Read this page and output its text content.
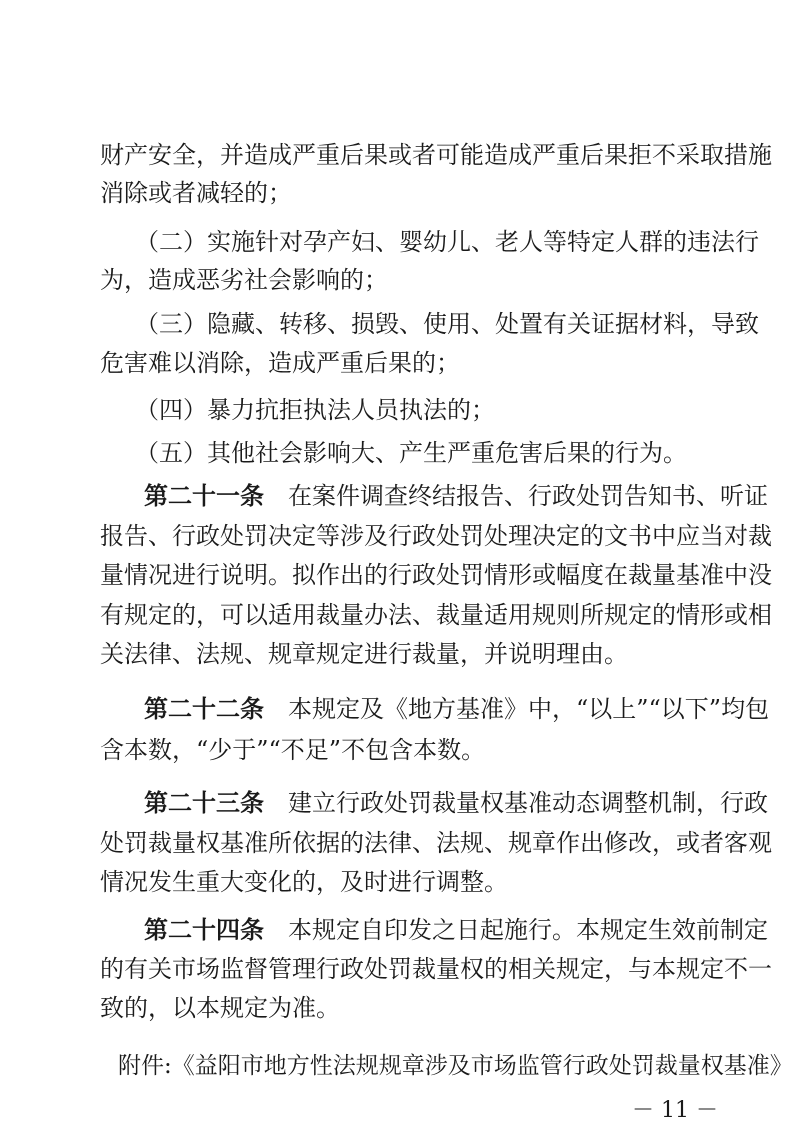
财产安全，并造成严重后果或者可能造成严重后果拒不采取措施
消除或者减轻的；
（二）实施针对孕产妇、婴幼儿、老人等特定人群的违法行
为，造成恶劣社会影响的；
（三）隐藏、转移、损毁、使用、处置有关证据材料，导致
危害难以消除，造成严重后果的；
（四）暴力抗拒执法人员执法的；
（五）其他社会影响大、产生严重危害后果的行为。
第二十一条 在案件调查终结报告、行政处罚告知书、听证
报告、行政处罚决定等涉及行政处罚处理决定的文书中应当对裁
量情况进行说明。拟作出的行政处罚情形或幅度在裁量基准中没
有规定的，可以适用裁量办法、裁量适用规则所规定的情形或相
关法律、法规、规章规定进行裁量，并说明理由。
第二十二条 本规定及《地方基准》中，“以上”“以下”均包
含本数，“少于”“不足”不包含本数。
第二十三条 建立行政处罚裁量权基准动态调整机制，行政
处罚裁量权基准所依据的法律、法规、规章作出修改，或者客观
情况发生重大变化的，及时进行调整。
第二十四条 本规定自印发之日起施行。本规定生效前制定
的有关市场监督管理行政处罚裁量权的相关规定，与本规定不一
致的，以本规定为准。
附件:《益阳市地方性法规规章涉及市场监管行政处罚裁量权基准》
－ 11 －
